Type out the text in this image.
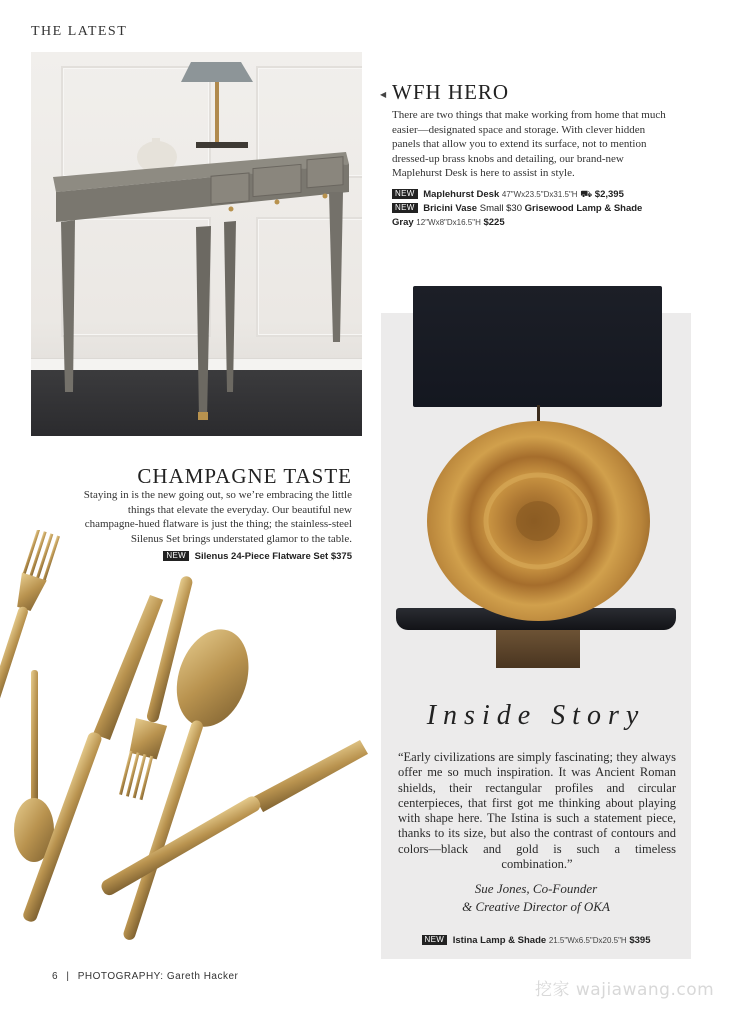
THE LATEST
◀ WFH HERO

There are two things that make working from home that much easier—designated space and storage. With clever hidden panels that allow you to extend its surface, not to mention dressed-up brass knobs and detailing, our brand-new Maplehurst Desk is here to assist in style.

NEW Maplehurst Desk 47"Wx23.5"Dx31.5"H ⛟ $2,395
NEW Bricini Vase Small $30 Grisewood Lamp & Shade
Gray 12"Wx8"Dx16.5"H $225
Inside Story
“Early civilizations are simply fascinating; they always offer me so much inspiration. It was Ancient Roman shields, their rectangular profiles and circular centerpieces, that first got me thinking about playing with shape here. The Istina is such a statement piece, thanks to its size, but also the contrast of contours and colors—black and gold is such a timeless combination.”
Sue Jones, Co-Founder
& Creative Director of OKA
NEW Istina Lamp & Shade 21.5"Wx6.5"Dx20.5"H $395
CHAMPAGNE TASTE
Staying in is the new going out, so we’re embracing the little things that elevate the everyday. Our beautiful new champagne-hued flatware is just the thing; the stainless-steel Silenus Set brings understated glamor to the table.
NEW Silenus 24-Piece Flatware Set $375
6 | PHOTOGRAPHY: Gareth Hacker
挖家 wajiawang.com
